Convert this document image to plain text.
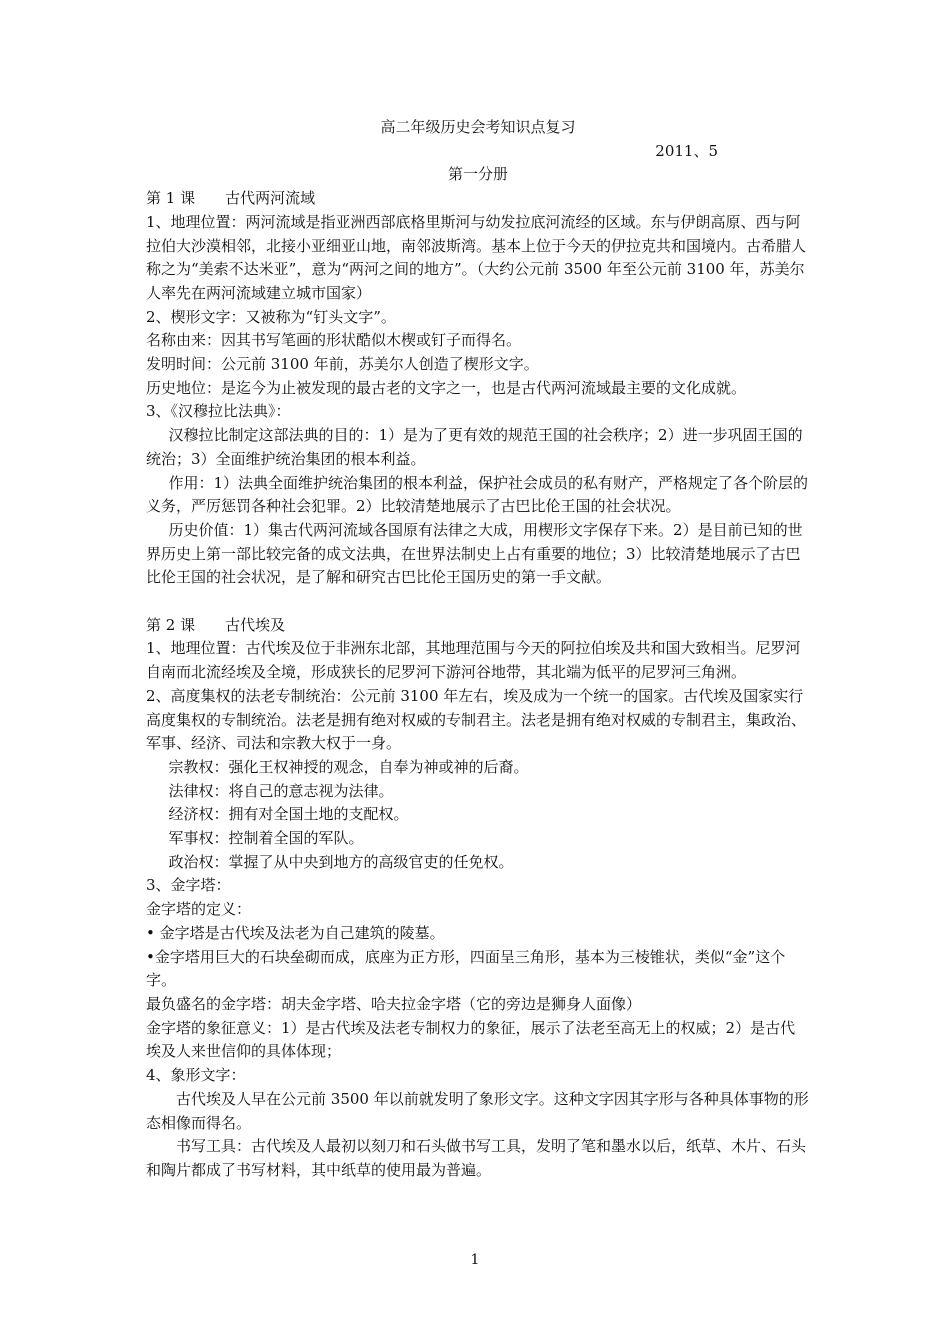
高二年级历史会考知识点复习

2011、5

第一分册

第 1 课 古代两河流域

1、地理位置：两河流域是指亚洲西部底格里斯河与幼发拉底河流经的区域。东与伊朗高原、西与阿拉伯大沙漠相邻，北接小亚细亚山地，南邻波斯湾。基本上位于今天的伊拉克共和国境内。古希腊人称之为“美索不达米亚”，意为“两河之间的地方”。（大约公元前 3500 年至公元前 3100 年，苏美尔人率先在两河流域建立城市国家）

2、楔形文字：又被称为“钉头文字”。

名称由来：因其书写笔画的形状酷似木楔或钉子而得名。

发明时间：公元前 3100 年前，苏美尔人创造了楔形文字。

历史地位：是迄今为止被发现的最古老的文字之一，也是古代两河流域最主要的文化成就。

3、《汉穆拉比法典》：

汉穆拉比制定这部法典的目的：1）是为了更有效的规范王国的社会秩序；2）进一步巩固王国的统治；3）全面维护统治集团的根本利益。

作用：1）法典全面维护统治集团的根本利益，保护社会成员的私有财产，严格规定了各个阶层的义务，严厉惩罚各种社会犯罪。2）比较清楚地展示了古巴比伦王国的社会状况。

历史价值：1）集古代两河流域各国原有法律之大成，用楔形文字保存下来。2）是目前已知的世界历史上第一部比较完备的成文法典，在世界法制史上占有重要的地位；3）比较清楚地展示了古巴比伦王国的社会状况，是了解和研究古巴比伦王国历史的第一手文献。

第 2 课 古代埃及

1、地理位置：古代埃及位于非洲东北部，其地理范围与今天的阿拉伯埃及共和国大致相当。尼罗河自南而北流经埃及全境，形成狭长的尼罗河下游河谷地带，其北端为低平的尼罗河三角洲。

2、高度集权的法老专制统治：公元前 3100 年左右，埃及成为一个统一的国家。古代埃及国家实行高度集权的专制统治。法老是拥有绝对权威的专制君主。法老是拥有绝对权威的专制君主，集政治、军事、经济、司法和宗教大权于一身。

宗教权：强化王权神授的观念，自奉为神或神的后裔。

法律权：将自己的意志视为法律。

经济权：拥有对全国土地的支配权。

军事权：控制着全国的军队。

政治权：掌握了从中央到地方的高级官吏的任免权。

3、金字塔：

金字塔的定义：

• 金字塔是古代埃及法老为自己建筑的陵墓。

•金字塔用巨大的石块垒砌而成，底座为正方形，四面呈三角形，基本为三棱锥状，类似“金”这个字。

最负盛名的金字塔：胡夫金字塔、哈夫拉金字塔（它的旁边是狮身人面像）

金字塔的象征意义：1）是古代埃及法老专制权力的象征，展示了法老至高无上的权威；2）是古代埃及人来世信仰的具体体现；

4、象形文字：

古代埃及人早在公元前 3500 年以前就发明了象形文字。这种文字因其字形与各种具体事物的形态相像而得名。

书写工具：古代埃及人最初以刻刀和石头做书写工具，发明了笔和墨水以后，纸草、木片、石头和陶片都成了书写材料，其中纸草的使用最为普遍。

1
